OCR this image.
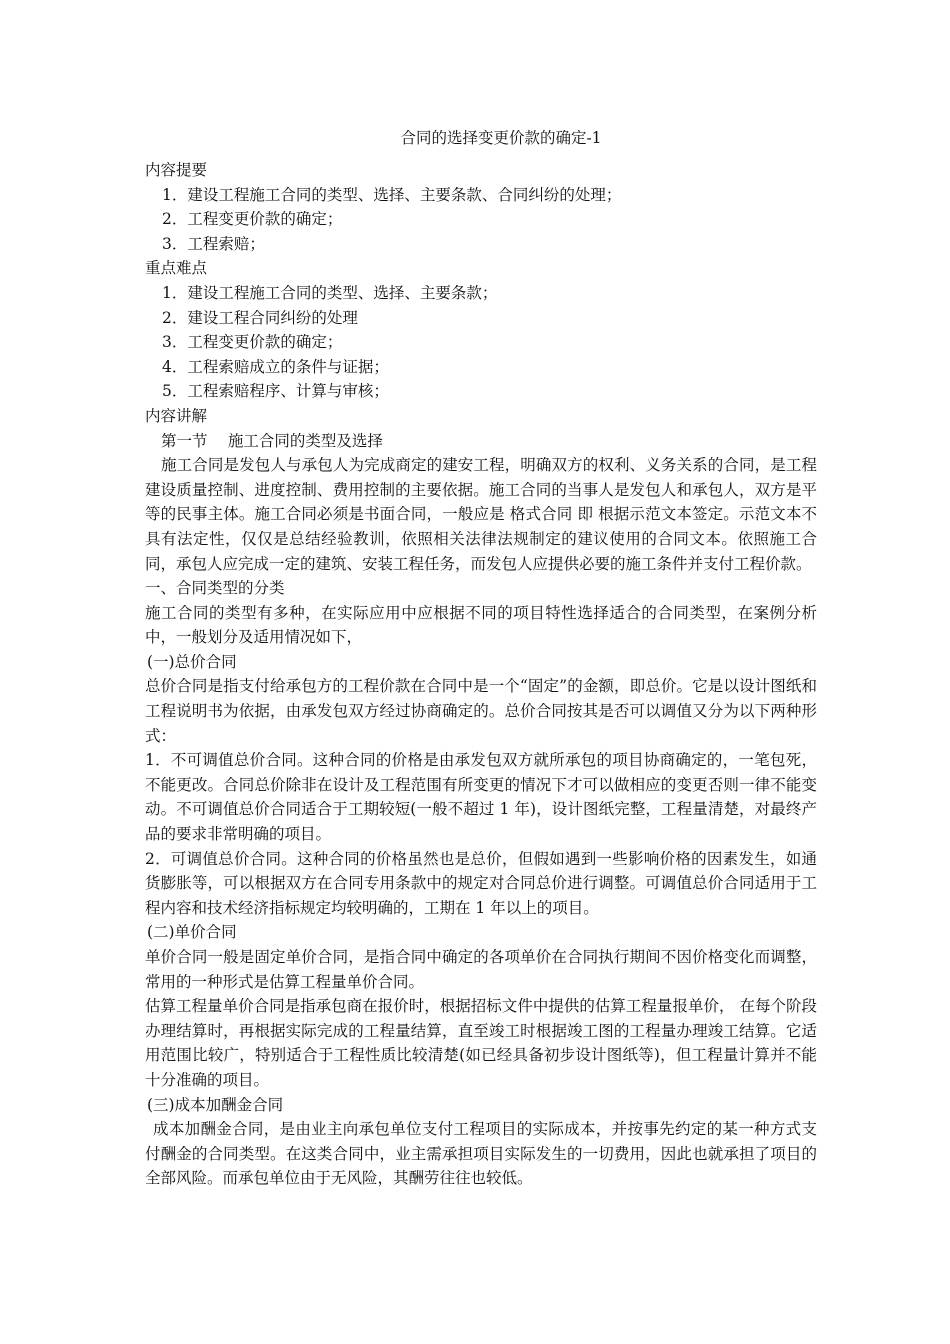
合同的选择变更价款的确定-1

内容提要

1．建设工程施工合同的类型、选择、主要条款、合同纠纷的处理；

2．工程变更价款的确定；

3．工程索赔；

重点难点

1．建设工程施工合同的类型、选择、主要条款；

2．建设工程合同纠纷的处理

3．工程变更价款的确定；

4．工程索赔成立的条件与证据；

5．工程索赔程序、计算与审核；

内容讲解

第一节　 施工合同的类型及选择

施工合同是发包人与承包人为完成商定的建安工程，明确双方的权利、义务关系的合同，是工程建设质量控制、进度控制、费用控制的主要依据。施工合同的当事人是发包人和承包人，双方是平等的民事主体。施工合同必须是书面合同，一般应是 格式合同 即 根据示范文本签定。示范文本不具有法定性，仅仅是总结经验教训，依照相关法律法规制定的建议使用的合同文本。依照施工合同，承包人应完成一定的建筑、安装工程任务，而发包人应提供必要的施工条件并支付工程价款。

一、合同类型的分类

施工合同的类型有多种，在实际应用中应根据不同的项目特性选择适合的合同类型，在案例分析中，一般划分及适用情况如下，

(一)总价合同

总价合同是指支付给承包方的工程价款在合同中是一个“固定”的金额，即总价。它是以设计图纸和工程说明书为依据，由承发包双方经过协商确定的。总价合同按其是否可以调值又分为以下两种形式：

1．不可调值总价合同。这种合同的价格是由承发包双方就所承包的项目协商确定的，一笔包死，不能更改。合同总价除非在设计及工程范围有所变更的情况下才可以做相应的变更否则一律不能变动。不可调值总价合同适合于工期较短(一般不超过 1 年)，设计图纸完整，工程量清楚，对最终产品的要求非常明确的项目。

2．可调值总价合同。这种合同的价格虽然也是总价，但假如遇到一些影响价格的因素发生，如通货膨胀等，可以根据双方在合同专用条款中的规定对合同总价进行调整。可调值总价合同适用于工程内容和技术经济指标规定均较明确的，工期在 1 年以上的项目。

(二)单价合同

单价合同一般是固定单价合同，是指合同中确定的各项单价在合同执行期间不因价格变化而调整，常用的一种形式是估算工程量单价合同。

估算工程量单价合同是指承包商在报价时，根据招标文件中提供的估算工程量报单价， 在每个阶段办理结算时，再根据实际完成的工程量结算，直至竣工时根据竣工图的工程量办理竣工结算。它适用范围比较广，特别适合于工程性质比较清楚(如已经具备初步设计图纸等)，但工程量计算并不能十分准确的项目。

(三)成本加酬金合同

成本加酬金合同，是由业主向承包单位支付工程项目的实际成本，并按事先约定的某一种方式支付酬金的合同类型。在这类合同中，业主需承担项目实际发生的一切费用，因此也就承担了项目的全部风险。而承包单位由于无风险，其酬劳往往也较低。
